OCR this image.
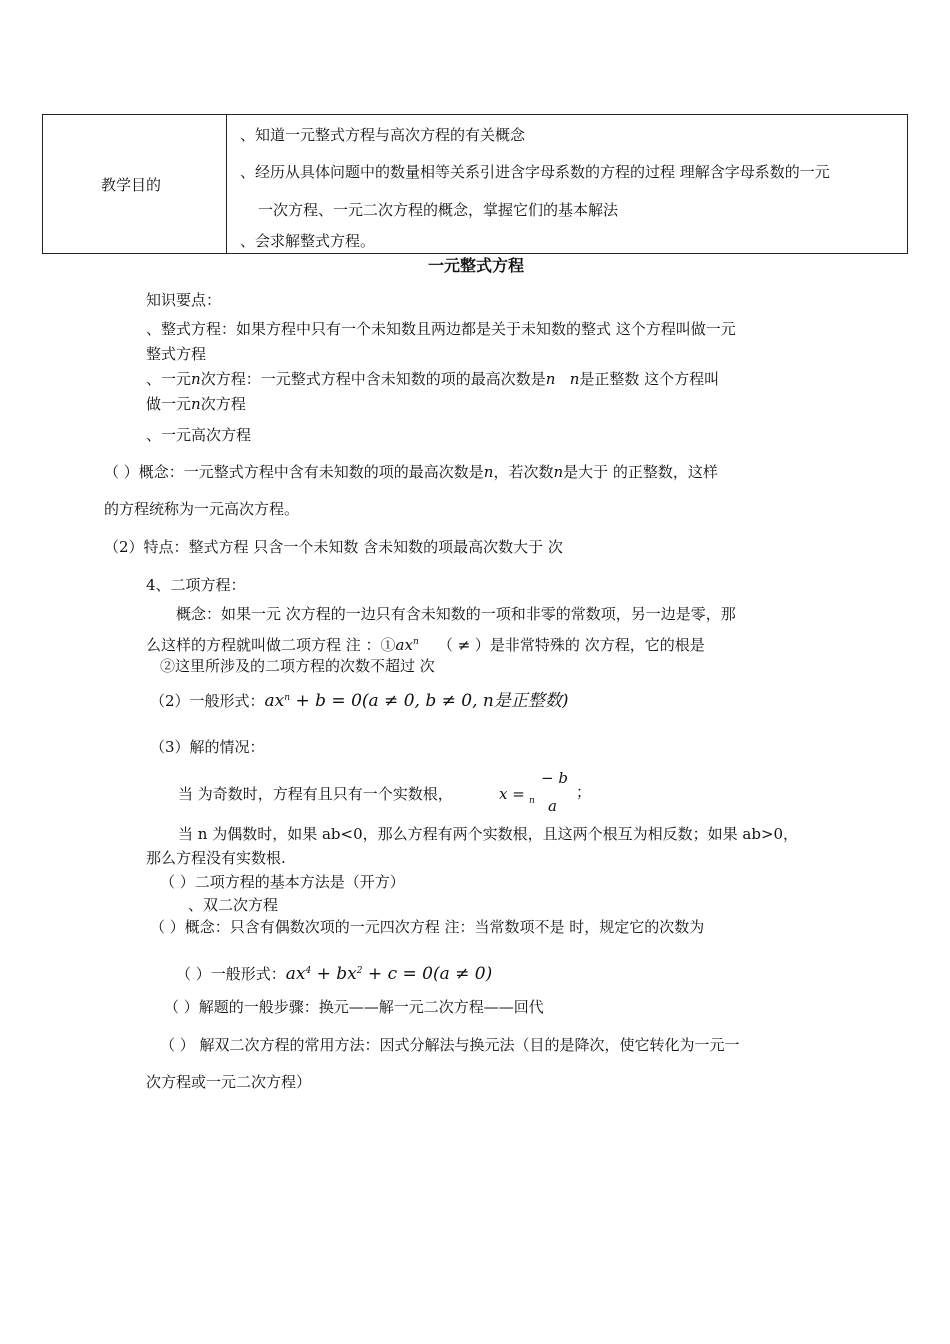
教学目的
、知道一元整式方程与高次方程的有关概念
、经历从具体问题中的数量相等关系引进含字母系数的方程的过程 理解含字母系数的一元
一次方程、一元二次方程的概念，掌握它们的基本解法
、会求解整式方程。
一元整式方程
知识要点：
、整式方程：如果方程中只有一个未知数且两边都是关于未知数的整式 这个方程叫做一元
整式方程
、一元n次方程：一元整式方程中含未知数的项的最高次数是n n是正整数 这个方程叫
做一元n次方程
、一元高次方程
（ ）概念：一元整式方程中含有未知数的项的最高次数是n，若次数n是大于 的正整数，这样
的方程统称为一元高次方程。
（2）特点：整式方程 只含一个未知数 含未知数的项最高次数大于 次
4、二项方程：
概念：如果一元 次方程的一边只有含未知数的一项和非零的常数项，另一边是零，那
么这样的方程就叫做二项方程 注 ：$①ax^n$ （ ≠ ）是非常特殊的 次方程，它的根是
②这里所涉及的二项方程的次数不超过 次
（2）一般形式：$ax^n + b = 0(a \ne 0$, b ≠ 0, n是正整数)
（3）解的情况：
当 为奇数时，方程有且只有一个实数根，	x = n
− b
a
；
当 n 为偶数时，如果 ab<0，那么方程有两个实数根，且这两个根互为相反数；如果 ab>0，
那么方程没有实数根.
（ ）二项方程的基本方法是（开方）
、双二次方程
（ ）概念：只含有偶数次项的一元四次方程 注：当常数项不是 时，规定它的次数为
（ ）一般形式：$ax^4 + bx^2 + c = 0(a \ne 0)$
（ ）解题的一般步骤：换元——解一元二次方程——回代
（ ） 解双二次方程的常用方法：因式分解法与换元法（目的是降次，使它转化为一元一
次方程或一元二次方程）
